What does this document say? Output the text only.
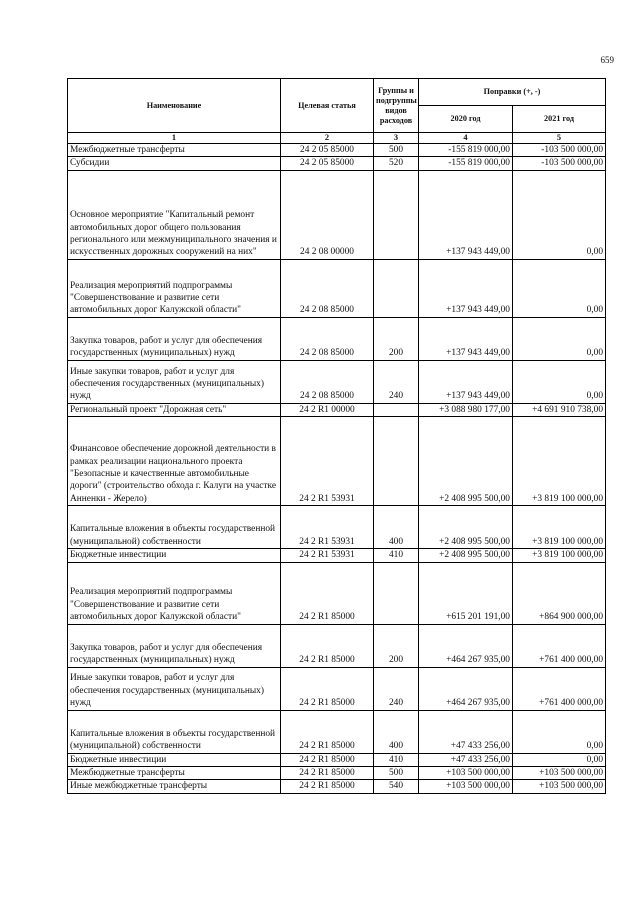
659
Наименование	Целевая статья	Группы и подгруппы видов расходов	Поправки (+, -)	
			2020 год	2021 год
1	2	3	4	5
Межбюджетные трансферты	24 2 05 85000	500	-155 819 000,00	-103 500 000,00
Субсидии	24 2 05 85000	520	-155 819 000,00	-103 500 000,00
Основное мероприятие "Капитальный ремонт автомобильных дорог общего пользования регионального или межмуниципального значения и искусственных дорожных сооружений на них"	24 2 08 00000		+137 943 449,00	0,00
Реализация мероприятий подпрограммы "Совершенствование и развитие сети автомобильных дорог Калужской области"	24 2 08 85000		+137 943 449,00	0,00
Закупка товаров, работ и услуг для обеспечения государственных (муниципальных) нужд	24 2 08 85000	200	+137 943 449,00	0,00
Иные закупки товаров, работ и услуг для обеспечения государственных (муниципальных) нужд	24 2 08 85000	240	+137 943 449,00	0,00
Региональный проект "Дорожная сеть"	24 2 R1 00000		+3 088 980 177,00	+4 691 910 738,00
Финансовое обеспечение дорожной деятельности в рамках реализации национального проекта "Безопасные и качественные автомобильные дороги" (строительство обхода г. Калуги на участке Анненки - Жерело)	24 2 R1 53931		+2 408 995 500,00	+3 819 100 000,00
Капитальные вложения в объекты государственной (муниципальной) собственности	24 2 R1 53931	400	+2 408 995 500,00	+3 819 100 000,00
Бюджетные инвестиции	24 2 R1 53931	410	+2 408 995 500,00	+3 819 100 000,00
Реализация мероприятий подпрограммы "Совершенствование и развитие сети автомобильных дорог Калужской области"	24 2 R1 85000		+615 201 191,00	+864 900 000,00
Закупка товаров, работ и услуг для обеспечения государственных (муниципальных) нужд	24 2 R1 85000	200	+464 267 935,00	+761 400 000,00
Иные закупки товаров, работ и услуг для обеспечения государственных (муниципальных) нужд	24 2 R1 85000	240	+464 267 935,00	+761 400 000,00
Капитальные вложения в объекты государственной (муниципальной) собственности	24 2 R1 85000	400	+47 433 256,00	0,00
Бюджетные инвестиции	24 2 R1 85000	410	+47 433 256,00	0,00
Межбюджетные трансферты	24 2 R1 85000	500	+103 500 000,00	+103 500 000,00
Иные межбюджетные трансферты	24 2 R1 85000	540	+103 500 000,00	+103 500 000,00
